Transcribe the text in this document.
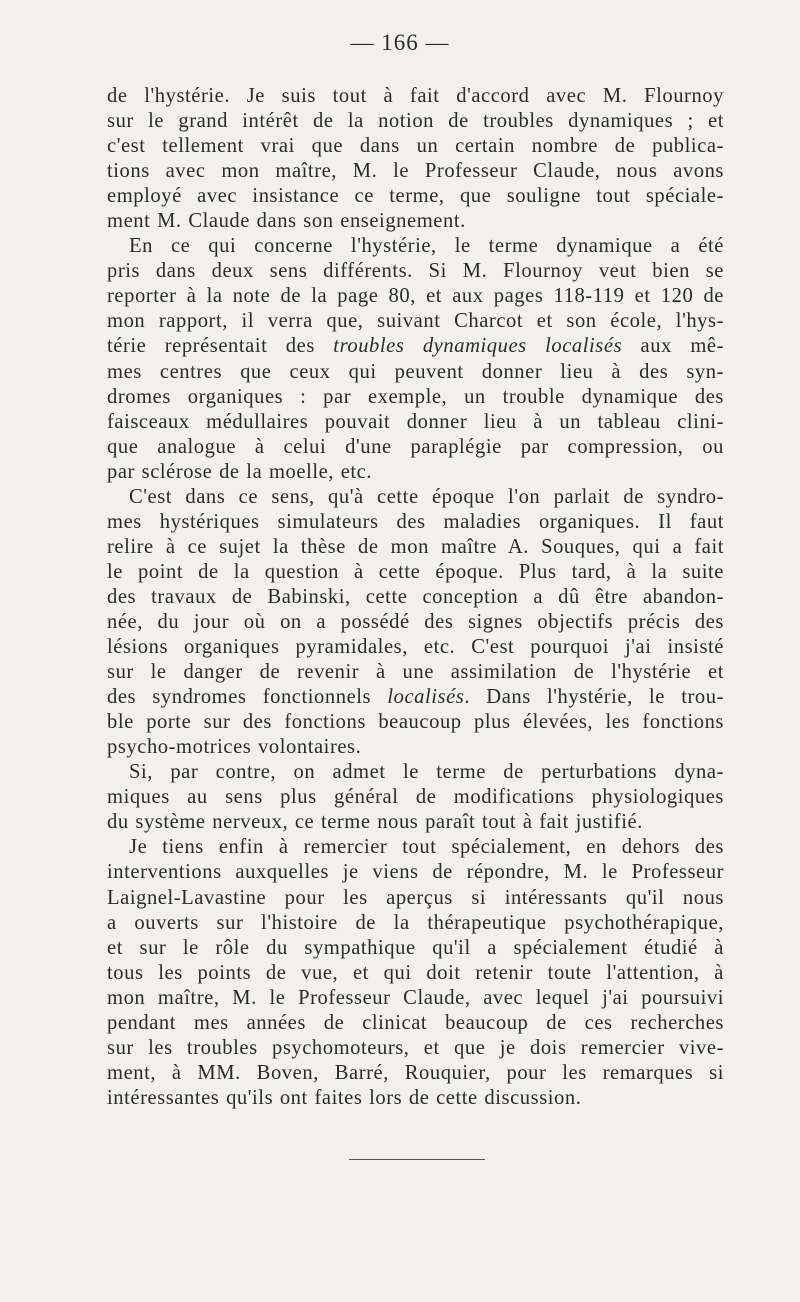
— 166 —
de l'hystérie. Je suis tout à fait d'accord avec M. Flournoy
sur le grand intérêt de la notion de troubles dynamiques ; et
c'est tellement vrai que dans un certain nombre de publica-
tions avec mon maître, M. le Professeur Claude, nous avons
employé avec insistance ce terme, que souligne tout spéciale-
ment M. Claude dans son enseignement.
En ce qui concerne l'hystérie, le terme dynamique a été
pris dans deux sens différents. Si M. Flournoy veut bien se
reporter à la note de la page 80, et aux pages 118-119 et 120 de
mon rapport, il verra que, suivant Charcot et son école, l'hys-
térie représentait des troubles dynamiques localisés aux mê-
mes centres que ceux qui peuvent donner lieu à des syn-
dromes organiques : par exemple, un trouble dynamique des
faisceaux médullaires pouvait donner lieu à un tableau clini-
que analogue à celui d'une paraplégie par compression, ou
par sclérose de la moelle, etc.
C'est dans ce sens, qu'à cette époque l'on parlait de syndro-
mes hystériques simulateurs des maladies organiques. Il faut
relire à ce sujet la thèse de mon maître A. Souques, qui a fait
le point de la question à cette époque. Plus tard, à la suite
des travaux de Babinski, cette conception a dû être abandon-
née, du jour où on a possédé des signes objectifs précis des
lésions organiques pyramidales, etc. C'est pourquoi j'ai insisté
sur le danger de revenir à une assimilation de l'hystérie et
des syndromes fonctionnels localisés. Dans l'hystérie, le trou-
ble porte sur des fonctions beaucoup plus élevées, les fonctions
psycho-motrices volontaires.
Si, par contre, on admet le terme de perturbations dyna-
miques au sens plus général de modifications physiologiques
du système nerveux, ce terme nous paraît tout à fait justifié.
Je tiens enfin à remercier tout spécialement, en dehors des
interventions auxquelles je viens de répondre, M. le Professeur
Laignel-Lavastine pour les aperçus si intéressants qu'il nous
a ouverts sur l'histoire de la thérapeutique psychothérapique,
et sur le rôle du sympathique qu'il a spécialement étudié à
tous les points de vue, et qui doit retenir toute l'attention, à
mon maître, M. le Professeur Claude, avec lequel j'ai poursuivi
pendant mes années de clinicat beaucoup de ces recherches
sur les troubles psychomoteurs, et que je dois remercier vive-
ment, à MM. Boven, Barré, Rouquier, pour les remarques si
intéressantes qu'ils ont faites lors de cette discussion.
